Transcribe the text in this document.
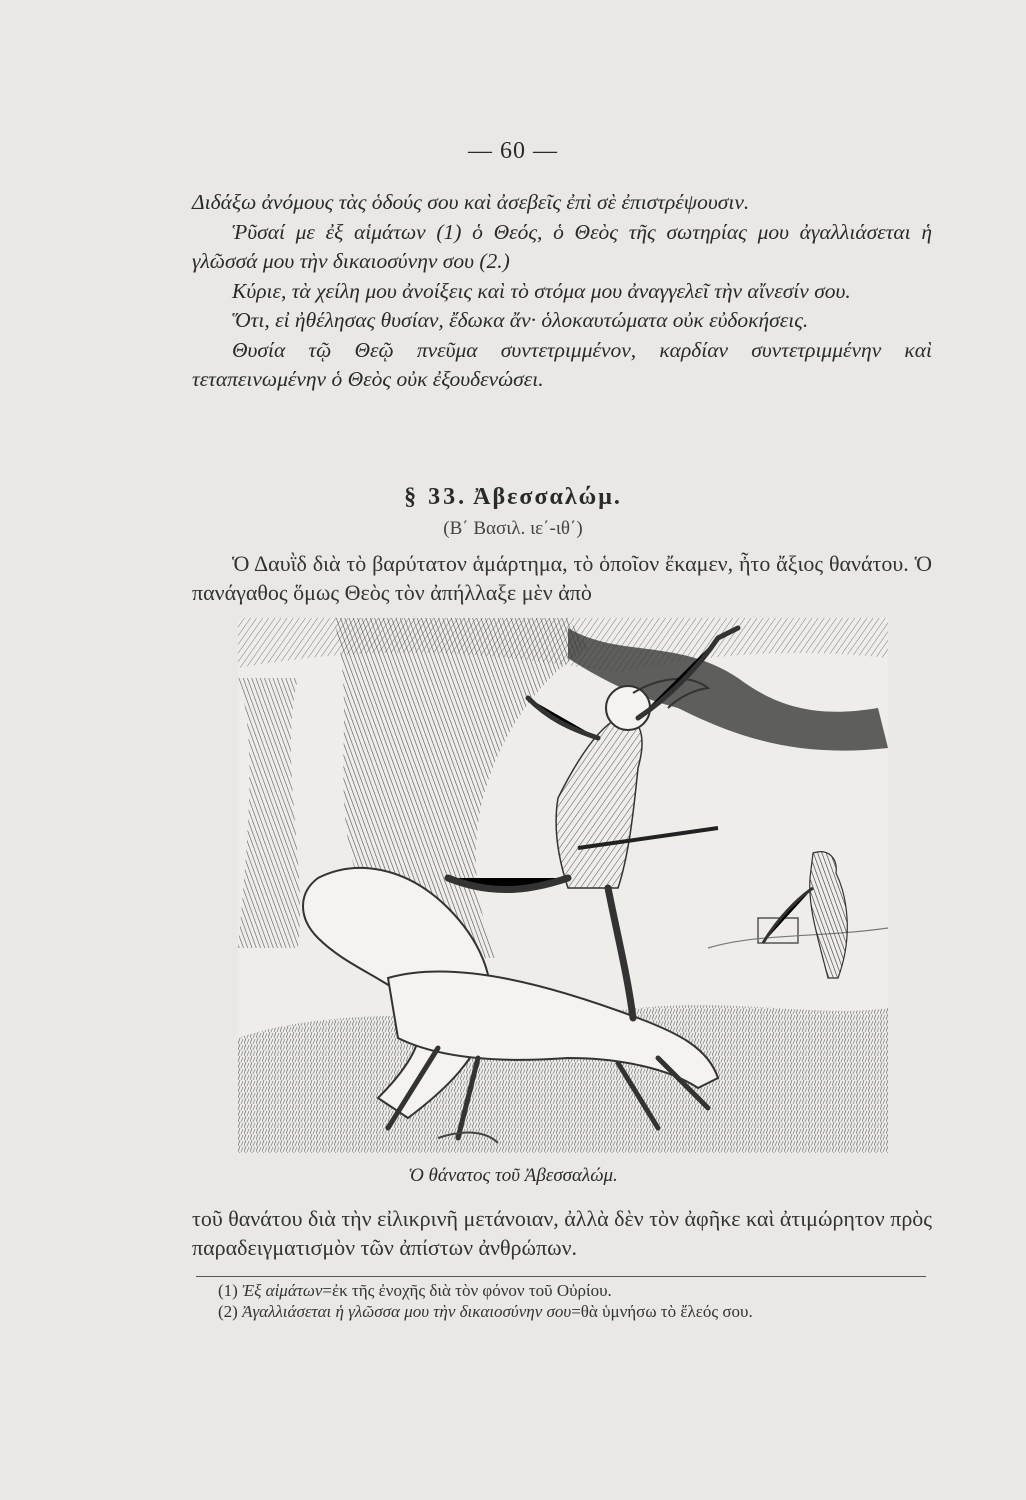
— 60 —

Διδάξω ἀνόμους τὰς ὁδούς σου καὶ ἀσεβεῖς ἐπὶ σὲ ἐπιστρέψουσιν.

Ῥῦσαί με ἐξ αἱμάτων (1) ὁ Θεός, ὁ Θεὸς τῆς σωτηρίας μου ἀγαλλιάσεται ἡ γλῶσσά μου τὴν δικαιοσύνην σου (2.)

Κύριε, τὰ χείλη μου ἀνοίξεις καὶ τὸ στόμα μου ἀναγγελεῖ τὴν αἴνεσίν σου.

Ὅτι, εἰ ἠθέλησας θυσίαν, ἔδωκα ἄν· ὁλοκαυτώματα οὐκ εὐδοκήσεις.

Θυσία τῷ Θεῷ πνεῦμα συντετριμμένον, καρδίαν συντετριμμένην καὶ τεταπεινωμένην ὁ Θεὸς οὐκ ἐξουδενώσει.

§ 33. Ἀβεσσαλώμ.
(Β΄ Βασιλ. ιε΄-ιθ΄)
Ὁ Δαυῒδ διὰ τὸ βαρύτατον ἁμάρτημα, τὸ ὁποῖον ἔκαμεν, ἦτο ἄξιος θανάτου. Ὁ πανάγαθος ὅμως Θεὸς τὸν ἀπήλλαξε μὲν ἀπὸ
Ὁ θάνατος τοῦ Ἀβεσσαλώμ.
τοῦ θανάτου διὰ τὴν εἰλικρινῆ μετάνοιαν, ἀλλὰ δὲν τὸν ἀφῆκε καὶ ἀτιμώρητον πρὸς παραδειγματισμὸν τῶν ἀπίστων ἀνθρώπων.

(1) Ἐξ αἱμάτων=ἐκ τῆς ἐνοχῆς διὰ τὸν φόνον τοῦ Οὐρίου.

(2) Ἀγαλλιάσεται ἡ γλῶσσα μου τὴν δικαιοσύνην σου=θὰ ὑμνήσω τὸ ἔλεός σου.
